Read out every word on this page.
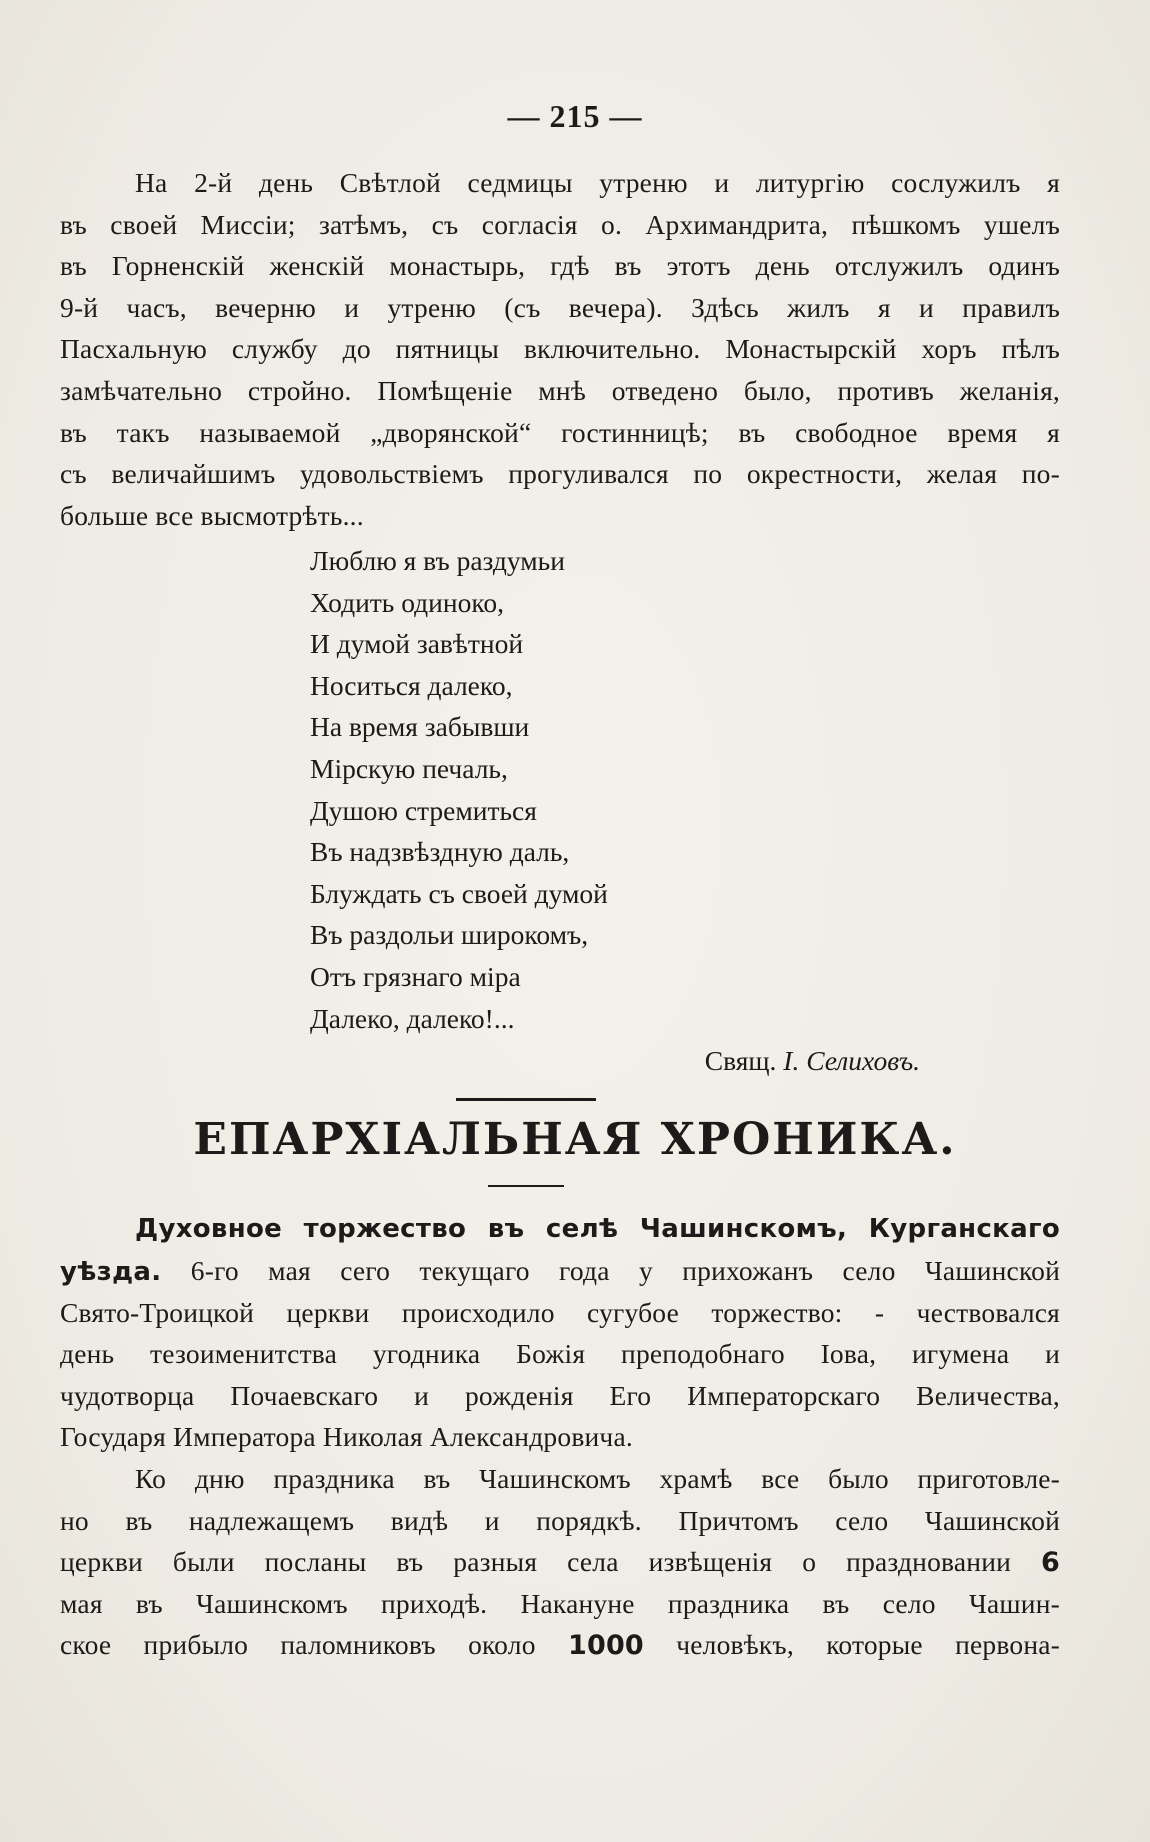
— 215 —
На 2-й день Свѣтлой седмицы утреню и литургію сослужилъ я
въ своей Миссіи; затѣмъ, съ согласія о. Архимандрита, пѣшкомъ ушелъ
въ Горненскій женскій монастырь, гдѣ въ этотъ день отслужилъ одинъ
9-й часъ, вечерню и утреню (съ вечера). Здѣсь жилъ я и правилъ
Пасхальную службу до пятницы включительно. Монастырскій хоръ пѣлъ
замѣчательно стройно. Помѣщеніе мнѣ отведено было, противъ желанія,
въ такъ называемой „дворянской“ гостинницѣ; въ свободное время я
съ величайшимъ удовольствіемъ прогуливался по окрестности, желая по-
больше все высмотрѣть...
Люблю я въ раздумьи
Ходить одиноко,
И думой завѣтной
Носиться далеко,
На время забывши
Мірскую печаль,
Душою стремиться
Въ надзвѣздную даль,
Блуждать съ своей думой
Въ раздольи широкомъ,
Отъ грязнаго міра
Далеко, далеко!...
Свящ. І. Селиховъ.
ЕПАРХІАЛЬНАЯ ХРОНИКА.
Духовное торжество въ селѣ Чашинскомъ, Курганскаго
уѣзда. 6-го мая сего текущаго года у прихожанъ село Чашинской
Свято-Троицкой церкви происходило сугубое торжество: - чествовался
день тезоименитства угодника Божія преподобнаго Іова, игумена и
чудотворца Почаевскаго и рожденія Его Императорскаго Величества,
Государя Императора Николая Александровича.
Ко дню праздника въ Чашинскомъ храмѣ все было приготовле-
но въ надлежащемъ видѣ и порядкѣ. Причтомъ село Чашинской
церкви были посланы въ разныя села извѣщенія о праздновании 6
мая въ Чашинскомъ приходѣ. Накануне праздника въ село Чашин-
ское прибыло паломниковъ около 1000 человѣкъ, которые первона-
